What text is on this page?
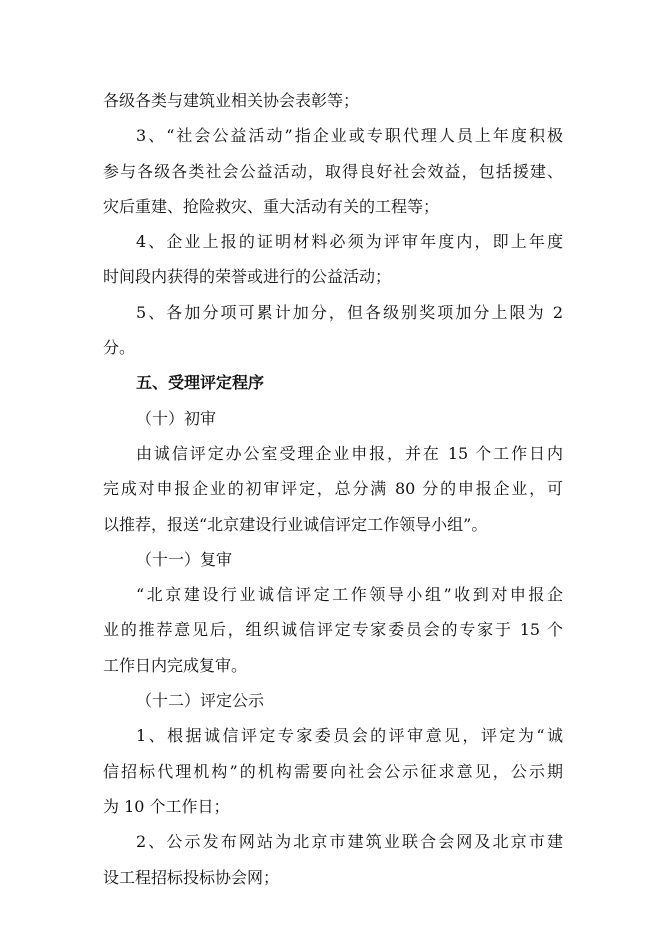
各级各类与建筑业相关协会表彰等；
3、“社会公益活动”指企业或专职代理人员上年度积极
参与各级各类社会公益活动，取得良好社会效益，包括援建、
灾后重建、抢险救灾、重大活动有关的工程等；
4、企业上报的证明材料必须为评审年度内，即上年度
时间段内获得的荣誉或进行的公益活动；
5、各加分项可累计加分，但各级别奖项加分上限为 2
分。
五、受理评定程序
（十）初审
由诚信评定办公室受理企业申报，并在 15 个工作日内
完成对申报企业的初审评定，总分满 80 分的申报企业，可
以推荐，报送“北京建设行业诚信评定工作领导小组”。
（十一）复审
“北京建设行业诚信评定工作领导小组”收到对申报企
业的推荐意见后，组织诚信评定专家委员会的专家于 15 个
工作日内完成复审。
（十二）评定公示
1、根据诚信评定专家委员会的评审意见，评定为“诚
信招标代理机构”的机构需要向社会公示征求意见，公示期
为 10 个工作日；
2、公示发布网站为北京市建筑业联合会网及北京市建
设工程招标投标协会网；
